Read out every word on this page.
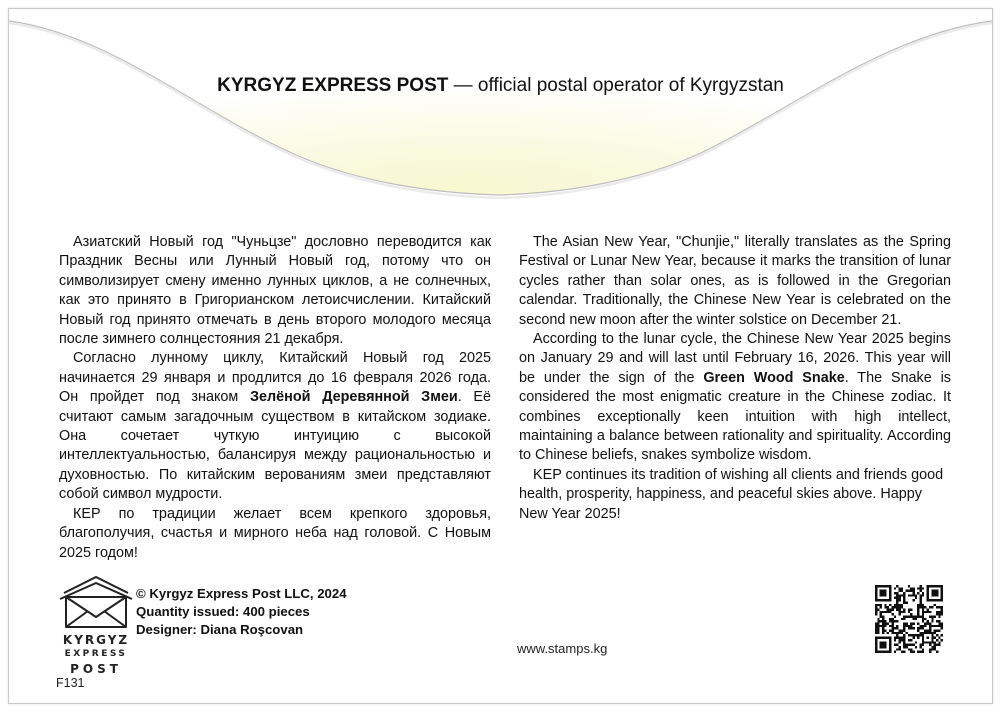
KYRGYZ EXPRESS POST — official postal operator of Kyrgyzstan

Азиатский Новый год "Чуньцзе" дословно переводится как Праздник Весны или Лунный Новый год, потому что он символизирует смену именно лунных циклов, а не солнечных, как это принято в Григорианском летоисчислении. Китайский Новый год принято отмечать в день второго молодого месяца после зимнего солнцестояния 21 декабря.

Согласно лунному циклу, Китайский Новый год 2025 начинается 29 января и продлится до 16 февраля 2026 года. Он пройдет под знаком Зелёной Деревянной Змеи. Её считают самым загадочным существом в китайском зодиаке. Она сочетает чуткую интуицию с высокой интеллектуальностью, балансируя между рациональностью и духовностью. По китайским верованиям змеи представляют собой символ мудрости.

КЕР по традиции желает всем крепкого здоровья, благополучия, счастья и мирного неба над головой. С Новым 2025 годом!

The Asian New Year, "Chunjie," literally translates as the Spring Festival or Lunar New Year, because it marks the transition of lunar cycles rather than solar ones, as is followed in the Gregorian calendar. Traditionally, the Chinese New Year is celebrated on the second new moon after the winter solstice on December 21.

According to the lunar cycle, the Chinese New Year 2025 begins on January 29 and will last until February 16, 2026. This year will be under the sign of the Green Wood Snake. The Snake is considered the most enigmatic creature in the Chinese zodiac. It combines exceptionally keen intuition with high intellect, maintaining a balance between rationality and spirituality. According to Chinese beliefs, snakes symbolize wisdom.

KEP continues its tradition of wishing all clients and friends good health, prosperity, happiness, and peaceful skies above. Happy New Year 2025!

KYRGYZ
EXPRESS
POST
© Kyrgyz Express Post LLC, 2024
Quantity issued: 400 pieces
Designer: Diana Roşcovan
www.stamps.kg
F131
